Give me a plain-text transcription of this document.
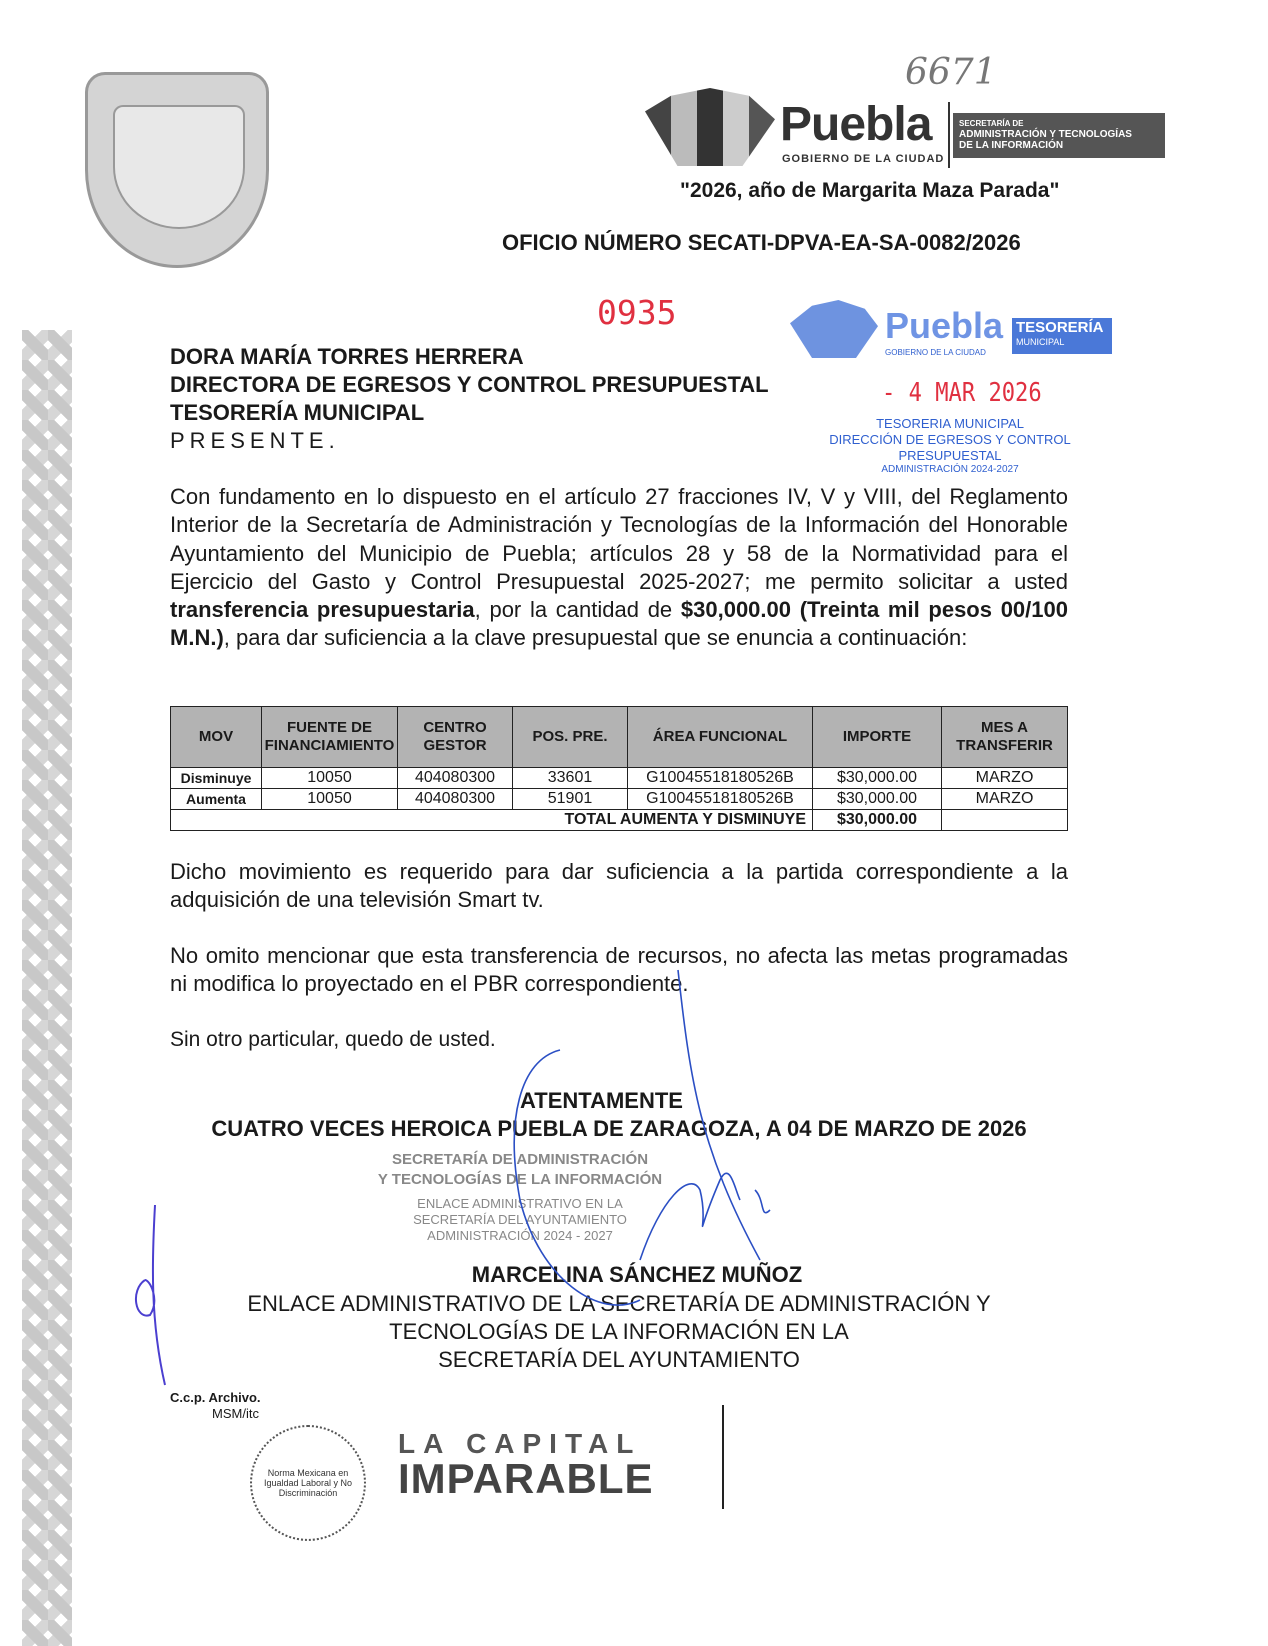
6671
Puebla
GOBIERNO DE LA CIUDAD
SECRETARÍA DE
ADMINISTRACIÓN Y TECNOLOGÍAS
DE LA INFORMACIÓN
"2026, año de Margarita Maza Parada"
OFICIO NÚMERO SECATI-DPVA-EA-SA-0082/2026
0935	Puebla TESORERÍA
MUNICIPAL
GOBIERNO DE LA CIUDAD
- 4 MAR 2026
TESORERIA MUNICIPAL
DIRECCIÓN DE EGRESOS Y CONTROL
PRESUPUESTAL
ADMINISTRACIÓN 2024-2027
DORA MARÍA TORRES HERRERA
DIRECTORA DE EGRESOS Y CONTROL PRESUPUESTAL
TESORERÍA MUNICIPAL
PRESENTE.
Con fundamento en lo dispuesto en el artículo 27 fracciones IV, V y VIII, del Reglamento Interior de la Secretaría de Administración y Tecnologías de la Información del Honorable Ayuntamiento del Municipio de Puebla; artículos 28 y 58 de la Normatividad para el Ejercicio del Gasto y Control Presupuestal 2025-2027; me permito solicitar a usted transferencia presupuestaria, por la cantidad de $30,000.00 (Treinta mil pesos 00/100 M.N.), para dar suficiencia a la clave presupuestal que se enuncia a continuación:
MOV	FUENTE DE FINANCIAMIENTO	CENTRO GESTOR	POS. PRE.	ÁREA FUNCIONAL	IMPORTE	MES A TRANSFERIR
Disminuye	10050	404080300	33601	G10045518180526B	$30,000.00	MARZO
Aumenta	10050	404080300	51901	G10045518180526B	$30,000.00	MARZO
TOTAL AUMENTA Y DISMINUYE					$30,000.00	
Dicho movimiento es requerido para dar suficiencia a la partida correspondiente a la adquisición de una televisión Smart tv.
No omito mencionar que esta transferencia de recursos, no afecta las metas programadas ni modifica lo proyectado en el PBR correspondiente.
Sin otro particular, quedo de usted.
SECRETARÍA DE ADMINISTRACIÓN
Y TECNOLOGÍAS DE LA INFORMACIÓN
ENLACE ADMINISTRATIVO EN LA
SECRETARÍA DEL AYUNTAMIENTO
ADMINISTRACIÓN 2024 - 2027
ATENTAMENTE
CUATRO VECES HEROICA PUEBLA DE ZARAGOZA, A 04 DE MARZO DE 2026
MARCELINA SÁNCHEZ MUÑOZ
ENLACE ADMINISTRATIVO DE LA SECRETARÍA DE ADMINISTRACIÓN Y
TECNOLOGÍAS DE LA INFORMACIÓN EN LA
SECRETARÍA DEL AYUNTAMIENTO
C.c.p. Archivo.
MSM/itc
Norma Mexicana en Igualdad Laboral y No Discriminación
LA CAPITAL
IMPARABLE
